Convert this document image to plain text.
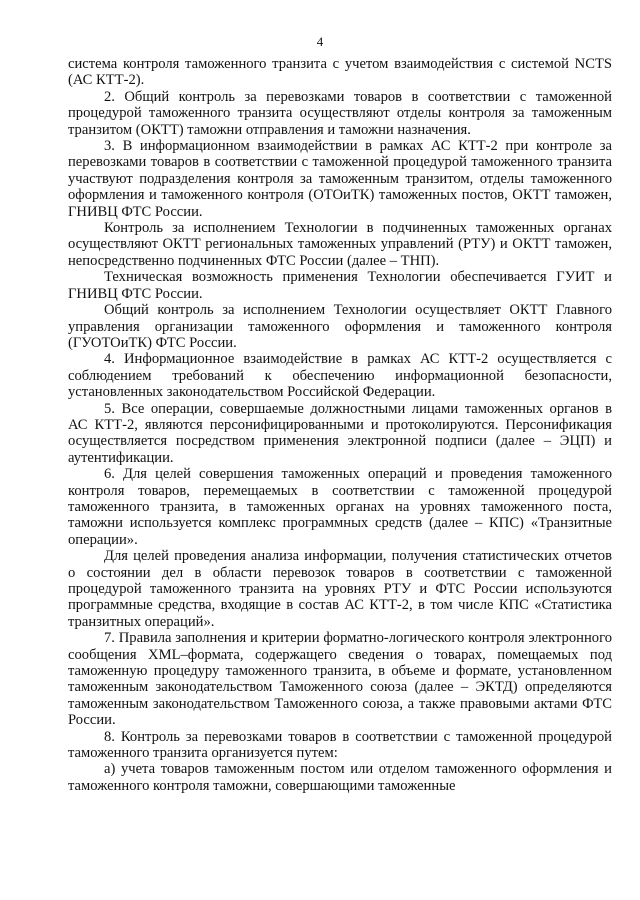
4

система контроля таможенного транзита с учетом взаимодействия с системой NCTS (АС КТТ-2).

2. Общий контроль за перевозками товаров в соответствии с таможенной процедурой таможенного транзита осуществляют отделы контроля за таможенным транзитом (ОКТТ) таможни отправления и таможни назначения.

3. В информационном взаимодействии в рамках АС КТТ-2 при контроле за перевозками товаров в соответствии с таможенной процедурой таможенного транзита участвуют подразделения контроля за таможенным транзитом, отделы таможенного оформления и таможенного контроля (ОТОиТК) таможенных постов, ОКТТ таможен, ГНИВЦ ФТС России.

Контроль за исполнением Технологии в подчиненных таможенных органах осуществляют ОКТТ региональных таможенных управлений (РТУ) и ОКТТ таможен, непосредственно подчиненных ФТС России (далее – ТНП).

Техническая возможность применения Технологии обеспечивается ГУИТ и ГНИВЦ ФТС России.

Общий контроль за исполнением Технологии осуществляет ОКТТ Главного управления организации таможенного оформления и таможенного контроля (ГУОТОиТК) ФТС России.

4. Информационное взаимодействие в рамках АС КТТ-2 осуществляется с соблюдением требований к обеспечению информационной безопасности, установленных законодательством Российской Федерации.

5. Все операции, совершаемые должностными лицами таможенных органов в АС КТТ-2, являются персонифицированными и протоколируются. Персонификация осуществляется посредством применения электронной подписи (далее – ЭЦП) и аутентификации.

6. Для целей совершения таможенных операций и проведения таможенного контроля товаров, перемещаемых в соответствии с таможенной процедурой таможенного транзита, в таможенных органах на уровнях таможенного поста, таможни используется комплекс программных средств (далее – КПС) «Транзитные операции».

Для целей проведения анализа информации, получения статистических отчетов о состоянии дел в области перевозок товаров в соответствии с таможенной процедурой таможенного транзита на уровнях РТУ и ФТС России используются программные средства, входящие в состав АС КТТ-2, в том числе КПС «Статистика транзитных операций».

7. Правила заполнения и критерии форматно-логического контроля электронного сообщения XML–формата, содержащего сведения о товарах, помещаемых под таможенную процедуру таможенного транзита, в объеме и формате, установленном таможенным законодательством Таможенного союза (далее – ЭКТД) определяются таможенным законодательством Таможенного союза, а также правовыми актами ФТС России.

8. Контроль за перевозками товаров в соответствии с таможенной процедурой таможенного транзита организуется путем:

а) учета товаров таможенным постом или отделом таможенного оформления и таможенного контроля таможни, совершающими таможенные
